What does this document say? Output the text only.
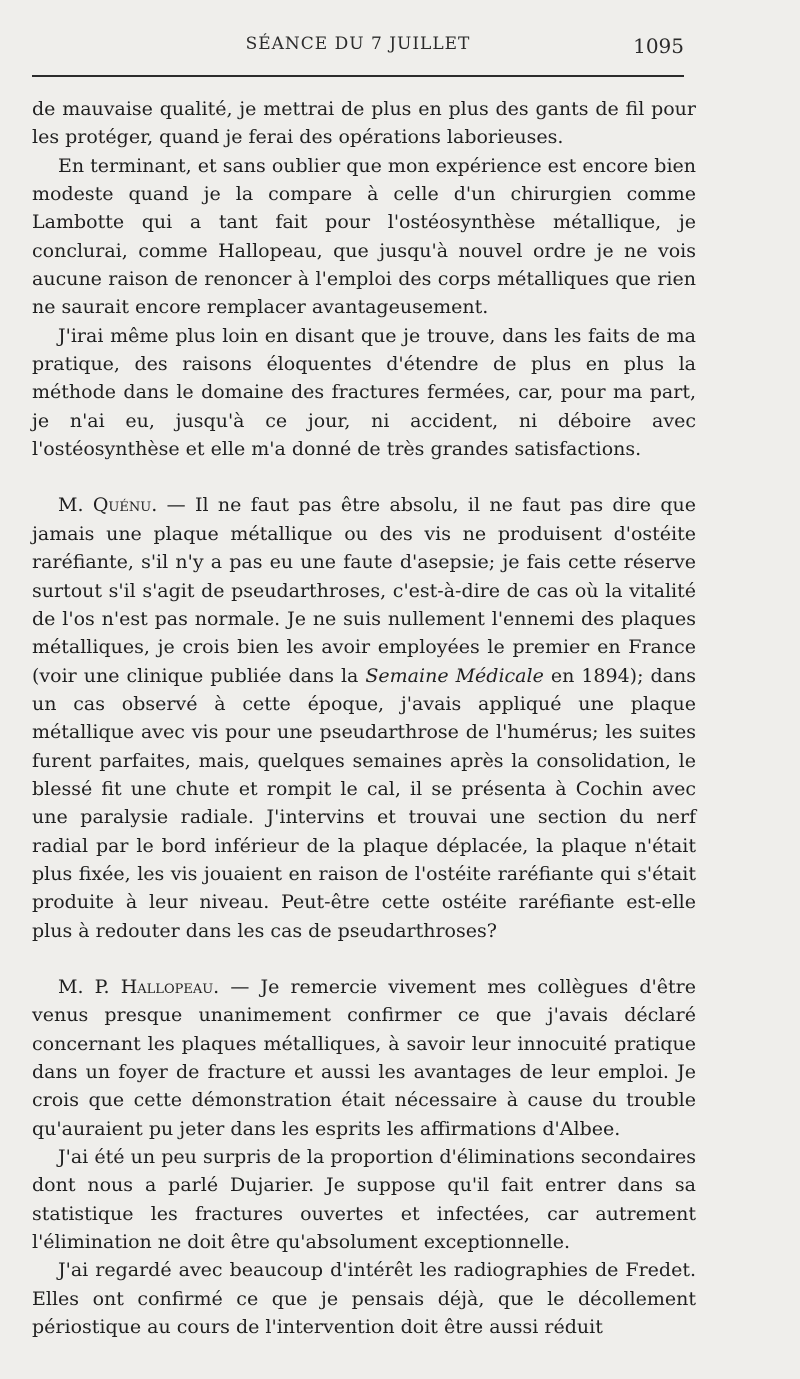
SÉANCE DU 7 JUILLET	1095

de mauvaise qualité, je mettrai de plus en plus des gants de fil pour les protéger, quand je ferai des opérations laborieuses.

En terminant, et sans oublier que mon expérience est encore bien modeste quand je la compare à celle d'un chirurgien comme Lambotte qui a tant fait pour l'ostéosynthèse métallique, je conclurai, comme Hallopeau, que jusqu'à nouvel ordre je ne vois aucune raison de renoncer à l'emploi des corps métalliques que rien ne saurait encore remplacer avantageusement.

J'irai même plus loin en disant que je trouve, dans les faits de ma pratique, des raisons éloquentes d'étendre de plus en plus la méthode dans le domaine des fractures fermées, car, pour ma part, je n'ai eu, jusqu'à ce jour, ni accident, ni déboire avec l'ostéosynthèse et elle m'a donné de très grandes satisfactions.

M. Quénu. — Il ne faut pas être absolu, il ne faut pas dire que jamais une plaque métallique ou des vis ne produisent d'ostéite raréfiante, s'il n'y a pas eu une faute d'asepsie; je fais cette réserve surtout s'il s'agit de pseudarthroses, c'est-à-dire de cas où la vitalité de l'os n'est pas normale. Je ne suis nullement l'ennemi des plaques métalliques, je crois bien les avoir employées le premier en France (voir une clinique publiée dans la Semaine Médicale en 1894); dans un cas observé à cette époque, j'avais appliqué une plaque métallique avec vis pour une pseudarthrose de l'humérus; les suites furent parfaites, mais, quelques semaines après la consolidation, le blessé fit une chute et rompit le cal, il se présenta à Cochin avec une paralysie radiale. J'intervins et trouvai une section du nerf radial par le bord inférieur de la plaque déplacée, la plaque n'était plus fixée, les vis jouaient en raison de l'ostéite raréfiante qui s'était produite à leur niveau. Peut-être cette ostéite raréfiante est-elle plus à redouter dans les cas de pseudarthroses?

M. P. Hallopeau. — Je remercie vivement mes collègues d'être venus presque unanimement confirmer ce que j'avais déclaré concernant les plaques métalliques, à savoir leur innocuité pratique dans un foyer de fracture et aussi les avantages de leur emploi. Je crois que cette démonstration était nécessaire à cause du trouble qu'auraient pu jeter dans les esprits les affirmations d'Albee.

J'ai été un peu surpris de la proportion d'éliminations secondaires dont nous a parlé Dujarier. Je suppose qu'il fait entrer dans sa statistique les fractures ouvertes et infectées, car autrement l'élimination ne doit être qu'absolument exceptionnelle.

J'ai regardé avec beaucoup d'intérêt les radiographies de Fredet. Elles ont confirmé ce que je pensais déjà, que le décollement périostique au cours de l'intervention doit être aussi réduit
